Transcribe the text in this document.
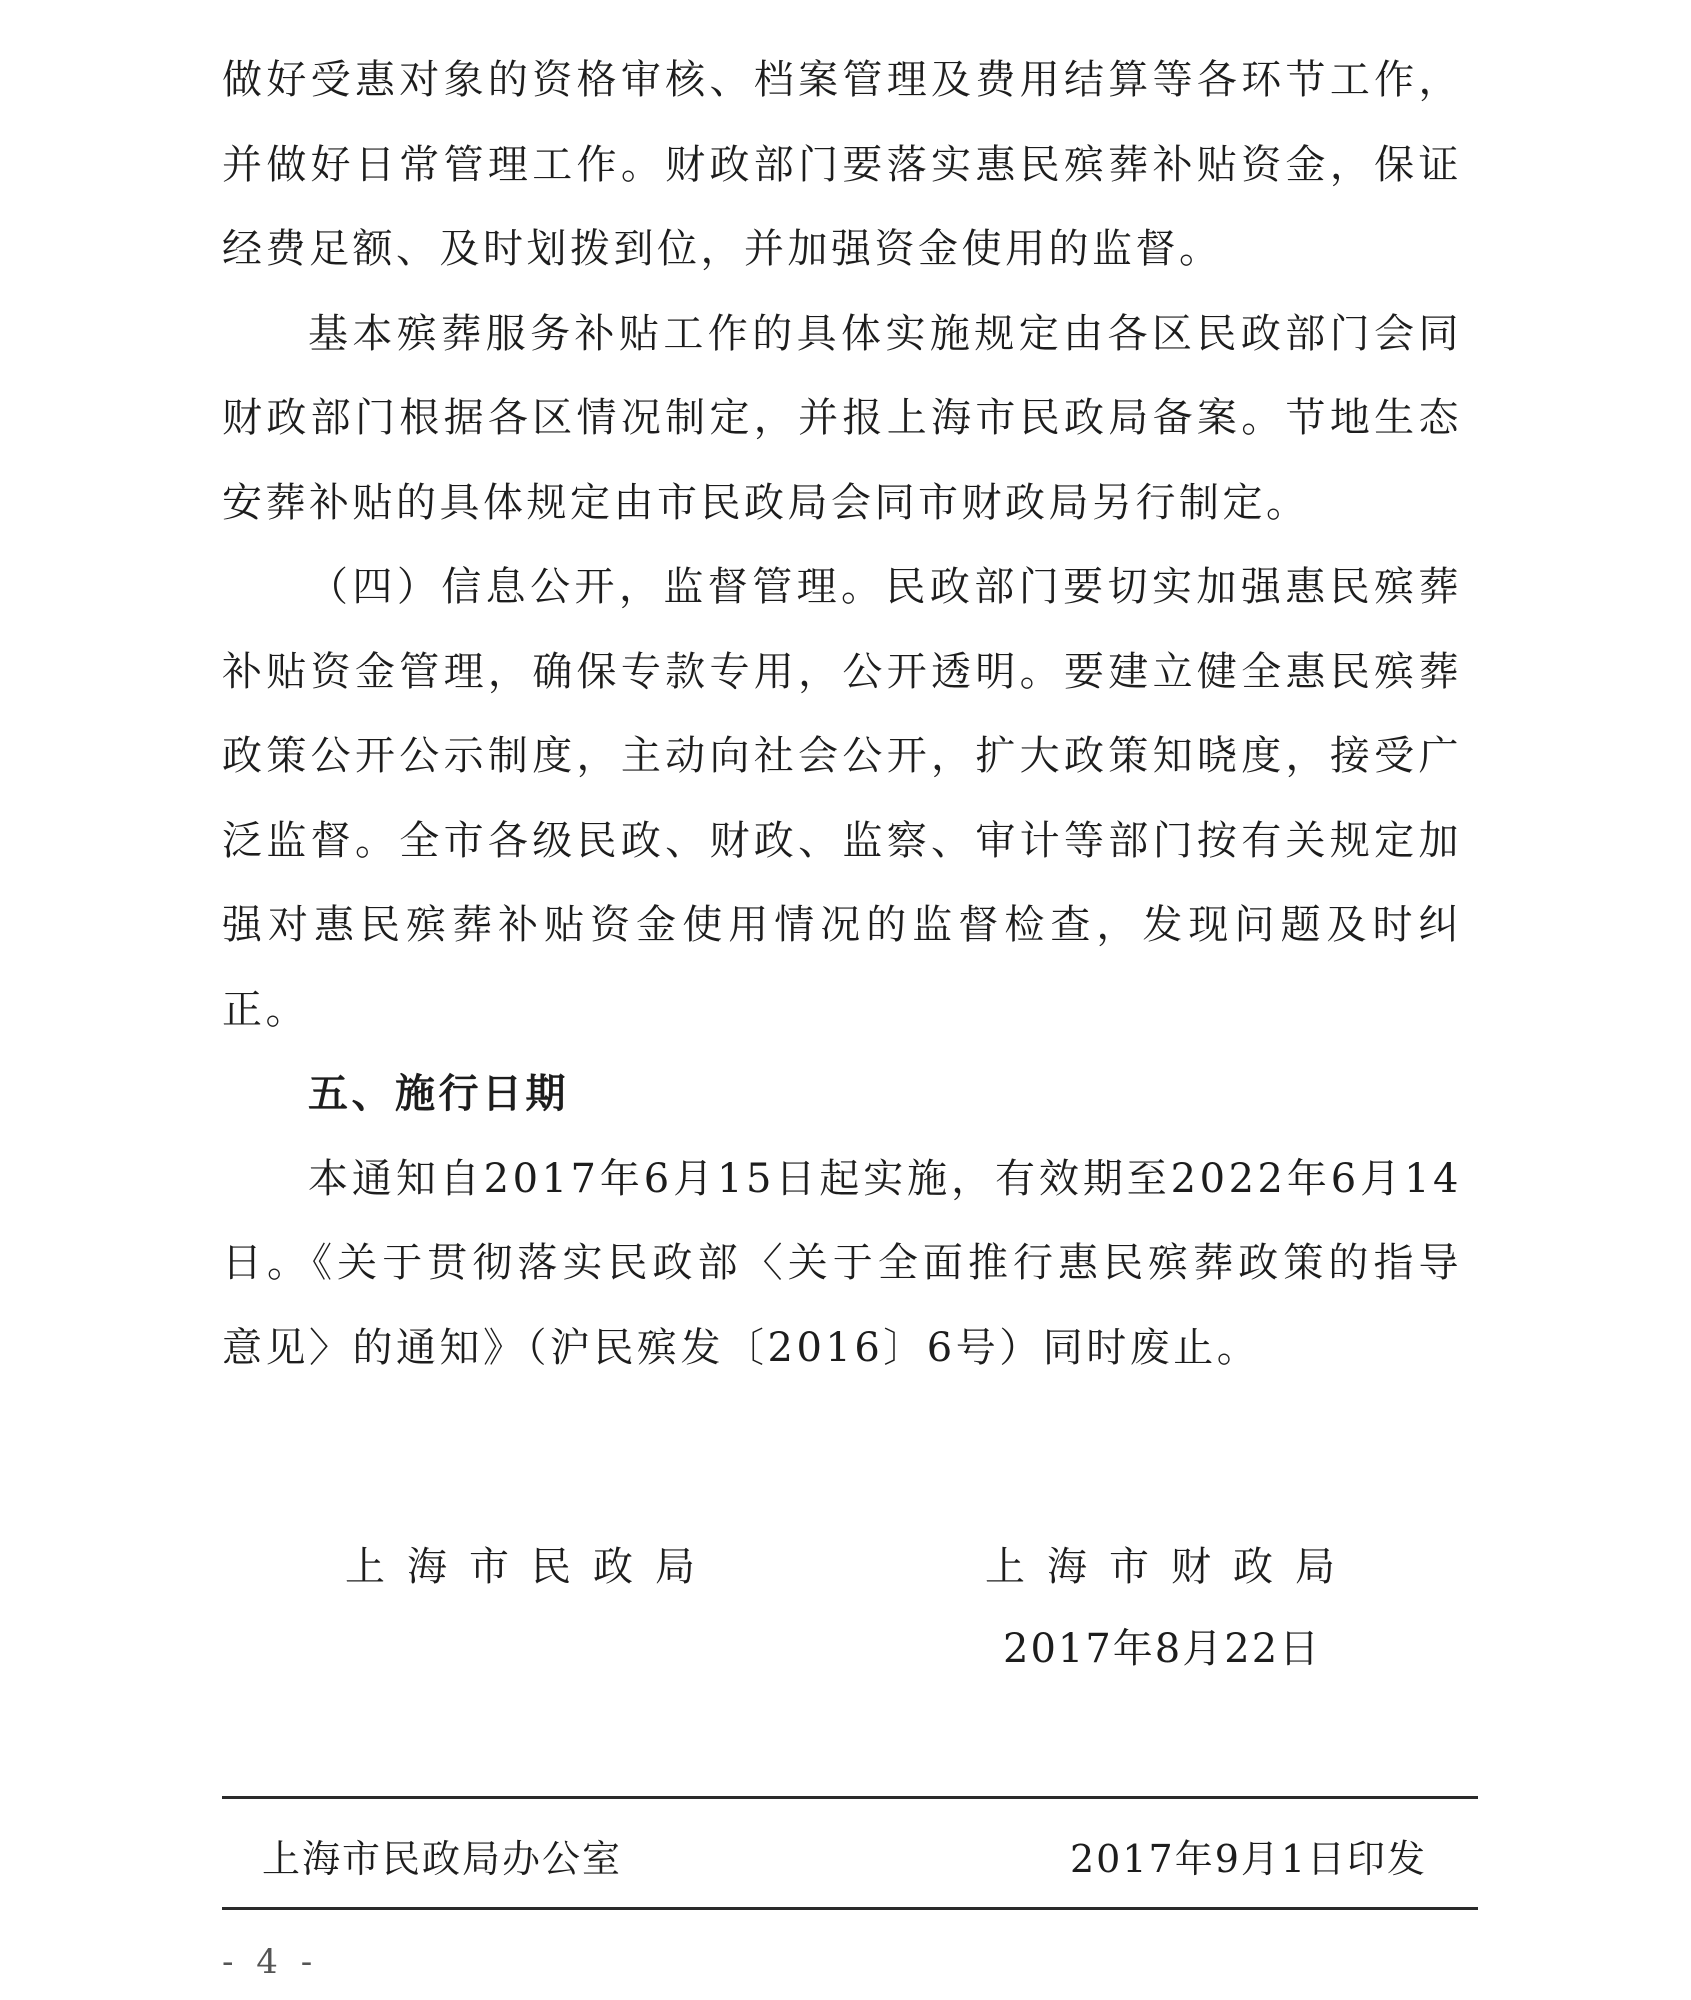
做好受惠对象的资格审核、档案管理及费用结算等各环节工作，并做好日常管理工作。财政部门要落实惠民殡葬补贴资金，保证经费足额、及时划拨到位，并加强资金使用的监督。

基本殡葬服务补贴工作的具体实施规定由各区民政部门会同财政部门根据各区情况制定，并报上海市民政局备案。节地生态安葬补贴的具体规定由市民政局会同市财政局另行制定。

（四）信息公开，监督管理。民政部门要切实加强惠民殡葬补贴资金管理，确保专款专用，公开透明。要建立健全惠民殡葬政策公开公示制度，主动向社会公开，扩大政策知晓度，接受广泛监督。全市各级民政、财政、监察、审计等部门按有关规定加强对惠民殡葬补贴资金使用情况的监督检查，发现问题及时纠正。

五、施行日期

本通知自2017年6月15日起实施，有效期至2022年6月14日。《关于贯彻落实民政部〈关于全面推行惠民殡葬政策的指导意见〉的通知》（沪民殡发〔2016〕6号）同时废止。

上海市民政局	上海市财政局
2017年8月22日
上海市民政局办公室	2017年9月1日印发
- 4 -
